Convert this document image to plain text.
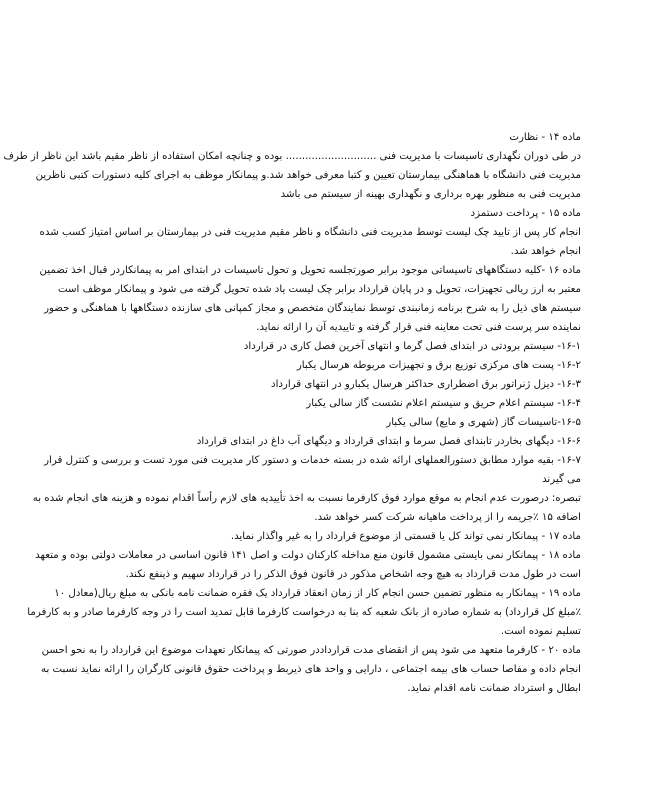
ماده ۱۴ - نظارت
در طی دوران نگهداری تاسیسات با مدیریت فنی ............................ بوده و چنانچه امکان استفاده از ناظر مقیم باشد این ناظر از طرف
مدیریت فنی دانشگاه با هماهنگی بیمارستان تعیین و کتبا معرفی خواهد شد.و پیمانکار موظف به اجرای کلیه دستورات کتبی ناظرین
مدیریت فنی به منظور بهره برداری و نگهداری بهینه از سیستم می باشد
ماده ۱۵ - پرداخت دستمزد
انجام کار پس از تایید چک لیست توسط مدیریت فنی دانشگاه و ناظر مقیم مدیریت فنی در بیمارستان بر اساس امتیاز کسب شده
انجام خواهد شد.
ماده ۱۶ -کلیه دستگاههای تاسیساتی موجود برابر صورتجلسه تحویل و تحول تاسیسات در ابتدای امر به پیمانکاردر قبال اخذ تضمین
معتبر به ارز ریالی تجهیزات، تحویل و در پایان قرارداد برابر چک لیست یاد شده تحویل گرفته می شود و پیمانکار موظف است
سیستم های ذیل را به شرح برنامه زمانبندی توسط نمایندگان متخصص و مجاز کمپانی های سازنده دستگاهها با هماهنگی و حضور
نماینده سر پرست فنی تحت معاینه فنی قرار گرفته و تاییدیه آن را ارائه نماید.
۱۶-۱- سیستم برودتی در ابتدای فصل گرما و انتهای آخرین فصل کاری در قرارداد
۱۶-۲- پست های مرکزی توزیع برق و تجهیزات مربوطه هرسال یکبار
۱۶-۳- دیزل ژنراتور برق اضطراری حداکثر هرسال یکبارو در انتهای قرارداد
۱۶-۴- سیستم اعلام حریق و سیستم اعلام نشست گاز سالی یکبار
۱۶-۵-تاسیسات گاز (شهری و مایع) سالی یکبار
۱۶-۶- دیگهای بخاردر تابندای فصل سرما و ابتدای قرارداد و دیگهای آب داغ در ابتدای قرارداد
۱۶-۷- بقیه موارد مطابق دستورالعملهای ارائه شده در بسته خدمات و دستور کار مدیریت فنی مورد تست و بررسی و کنترل قرار
می گیرند
تبصره: درصورت عدم انجام به موقع موارد فوق کارفرما نسبت به اخذ تأییدیه های لازم رأساً اقدام نموده و هزینه های انجام شده به
اضافه ۱۵ ٪جریمه را از پرداخت ماهیانه شرکت کسر خواهد شد.
ماده ۱۷ - پیمانکار نمی تواند کل یا قسمتی از موضوع قرارداد را به غیر واگذار نماید.
ماده ۱۸ - پیمانکار نمی بایستی مشمول قانون منع مداخله کارکنان دولت و اصل ۱۴۱ قانون اساسی در معاملات دولتی بوده و متعهد
است در طول مدت قرارداد به هیچ وجه اشخاص مذکور در قانون فوق الذکر را در قرارداد سهیم و ذینفع نکند.
ماده ۱۹ - پیمانکار به منظور تضمین حسن انجام کار از زمان انعقاد قرارداد یک فقره ضمانت نامه بانکی به مبلغ ریال(معادل ۱۰
٪مبلغ کل قرارداد) به شماره صادره از بانک شعبه که بنا به درخواست کارفرما قابل تمدید است را در وجه کارفرما صادر و به کارفرما
تسلیم نموده است.
ماده ۲۰ - کارفرما متعهد می شود پس از انقضای مدت قرارداددر صورتی که پیمانکار تعهدات موضوع این قرارداد را به نحو احسن
انجام داده و مفاصا حساب های بیمه اجتماعی ، دارایی و واحد های ذیربط و پرداخت حقوق قانونی کارگران را ارائه نماید نسبت به
ابطال و استرداد ضمانت نامه اقدام نماید.
